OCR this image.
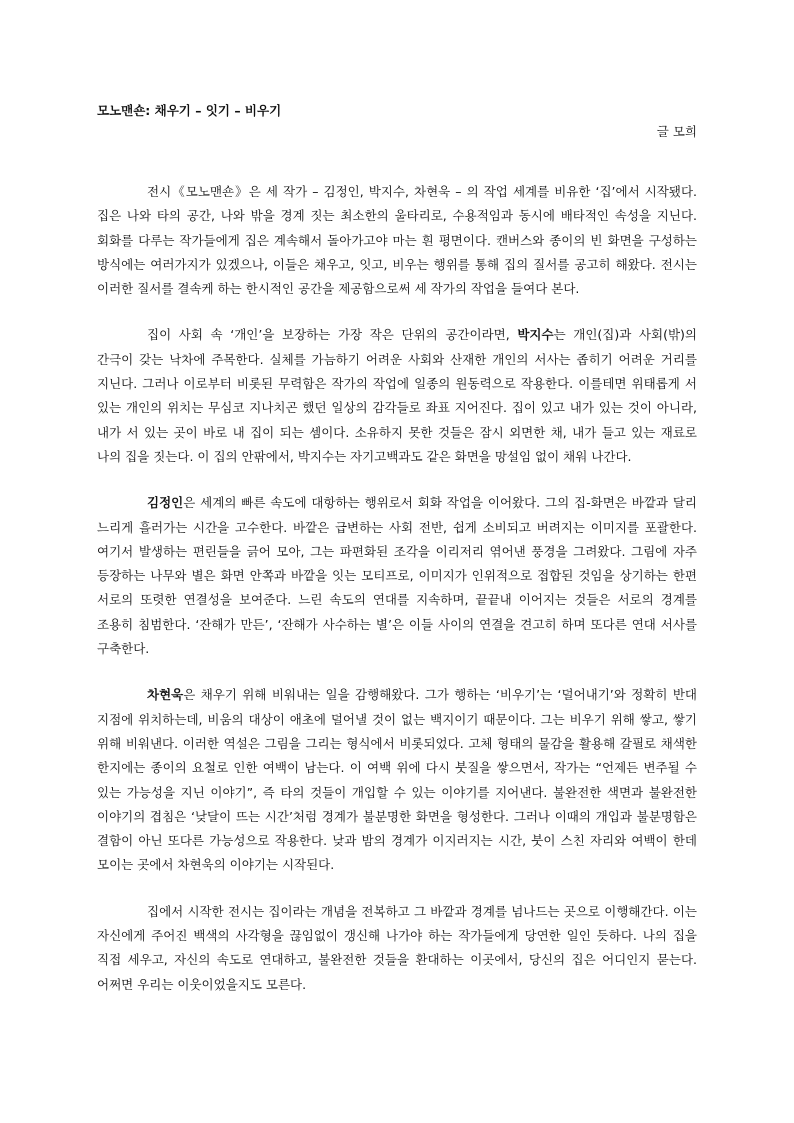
모노맨숀: 채우기 – 잇기 – 비우기
글 모희

전시《모노맨숀》은 세 작가 – 김정인, 박지수, 차현욱 – 의 작업 세계를 비유한 ‘집’에서 시작됐다. 집은 나와 타의 공간, 나와 밖을 경계 짓는 최소한의 울타리로, 수용적임과 동시에 배타적인 속성을 지닌다. 회화를 다루는 작가들에게 집은 계속해서 돌아가고야 마는 흰 평면이다. 캔버스와 종이의 빈 화면을 구성하는 방식에는 여러가지가 있겠으나, 이들은 채우고, 잇고, 비우는 행위를 통해 집의 질서를 공고히 해왔다. 전시는 이러한 질서를 결속케 하는 한시적인 공간을 제공함으로써 세 작가의 작업을 들여다 본다.

집이 사회 속 ‘개인’을 보장하는 가장 작은 단위의 공간이라면, 박지수는 개인(집)과 사회(밖)의 간극이 갖는 낙차에 주목한다. 실체를 가늠하기 어려운 사회와 산재한 개인의 서사는 좁히기 어려운 거리를 지닌다. 그러나 이로부터 비롯된 무력함은 작가의 작업에 일종의 원동력으로 작용한다. 이를테면 위태롭게 서 있는 개인의 위치는 무심코 지나치곤 했던 일상의 감각들로 좌표 지어진다. 집이 있고 내가 있는 것이 아니라, 내가 서 있는 곳이 바로 내 집이 되는 셈이다. 소유하지 못한 것들은 잠시 외면한 채, 내가 들고 있는 재료로 나의 집을 짓는다. 이 집의 안팎에서, 박지수는 자기고백과도 같은 화면을 망설임 없이 채워 나간다.

김정인은 세계의 빠른 속도에 대항하는 행위로서 회화 작업을 이어왔다. 그의 집-화면은 바깥과 달리 느리게 흘러가는 시간을 고수한다. 바깥은 급변하는 사회 전반, 쉽게 소비되고 버려지는 이미지를 포괄한다. 여기서 발생하는 편린들을 긁어 모아, 그는 파편화된 조각을 이리저리 엮어낸 풍경을 그려왔다. 그림에 자주 등장하는 나무와 별은 화면 안쪽과 바깥을 잇는 모티프로, 이미지가 인위적으로 접합된 것임을 상기하는 한편 서로의 또렷한 연결성을 보여준다. 느린 속도의 연대를 지속하며, 끝끝내 이어지는 것들은 서로의 경계를 조용히 침범한다. ‘잔해가 만든’, ‘잔해가 사수하는 별’은 이들 사이의 연결을 견고히 하며 또다른 연대 서사를 구축한다.

차현욱은 채우기 위해 비워내는 일을 감행해왔다. 그가 행하는 ‘비우기’는 ‘덜어내기’와 정확히 반대 지점에 위치하는데, 비움의 대상이 애초에 덜어낼 것이 없는 백지이기 때문이다. 그는 비우기 위해 쌓고, 쌓기 위해 비워낸다. 이러한 역설은 그림을 그리는 형식에서 비롯되었다. 고체 형태의 물감을 활용해 갈필로 채색한 한지에는 종이의 요철로 인한 여백이 남는다. 이 여백 위에 다시 붓질을 쌓으면서, 작가는 “언제든 변주될 수 있는 가능성을 지닌 이야기”, 즉 타의 것들이 개입할 수 있는 이야기를 지어낸다. 불완전한 색면과 불완전한 이야기의 겹침은 ‘낮달이 뜨는 시간’처럼 경계가 불분명한 화면을 형성한다. 그러나 이때의 개입과 불분명함은 결함이 아닌 또다른 가능성으로 작용한다. 낮과 밤의 경계가 이지러지는 시간, 붓이 스친 자리와 여백이 한데 모이는 곳에서 차현욱의 이야기는 시작된다.

집에서 시작한 전시는 집이라는 개념을 전복하고 그 바깥과 경계를 넘나드는 곳으로 이행해간다. 이는 자신에게 주어진 백색의 사각형을 끊임없이 갱신해 나가야 하는 작가들에게 당연한 일인 듯하다. 나의 집을 직접 세우고, 자신의 속도로 연대하고, 불완전한 것들을 환대하는 이곳에서, 당신의 집은 어디인지 묻는다. 어쩌면 우리는 이웃이었을지도 모른다.
